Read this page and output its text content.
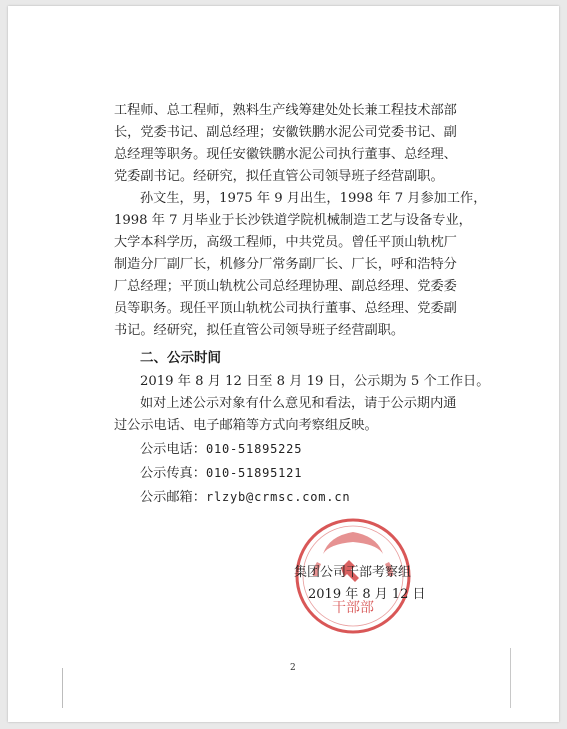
工程师、总工程师，熟料生产线筹建处处长兼工程技术部部
长，党委书记、副总经理；安徽铁鹏水泥公司党委书记、副
总经理等职务。现任安徽铁鹏水泥公司执行董事、总经理、
党委副书记。经研究，拟任直管公司领导班子经营副职。
孙文生，男，1975 年 9 月出生，1998 年 7 月参加工作，
1998 年 7 月毕业于长沙铁道学院机械制造工艺与设备专业，
大学本科学历，高级工程师，中共党员。曾任平顶山轨枕厂
制造分厂副厂长，机修分厂常务副厂长、厂长，呼和浩特分
厂总经理；平顶山轨枕公司总经理协理、副总经理、党委委
员等职务。现任平顶山轨枕公司执行董事、总经理、党委副
书记。经研究，拟任直管公司领导班子经营副职。
二、公示时间
2019 年 8 月 12 日至 8 月 19 日，公示期为 5 个工作日。
如对上述公示对象有什么意见和看法，请于公示期内通
过公示电话、电子邮箱等方式向考察组反映。
公示电话：010-51895225
公示传真：010-51895121
公示邮箱：rlzyb@crmsc.com.cn
干部部
集团公司干部考察组
2019 年 8 月 12 日
2
